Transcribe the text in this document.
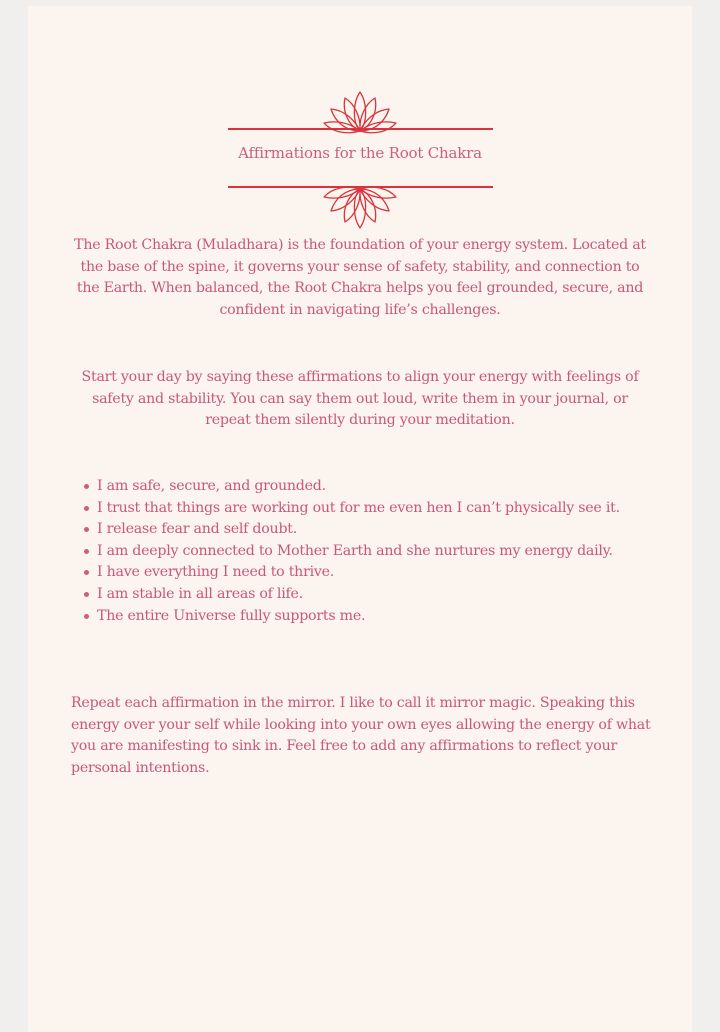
Affirmations for the Root Chakra

The Root Chakra (Muladhara) is the foundation of your energy system. Located at the base of the spine, it governs your sense of safety, stability, and connection to the Earth. When balanced, the Root Chakra helps you feel grounded, secure, and confident in navigating life’s challenges.

Start your day by saying these affirmations to align your energy with feelings of safety and stability. You can say them out loud, write them in your journal, or repeat them silently during your meditation.

I am safe, secure, and grounded.
I trust that things are working out for me even hen I can’t physically see it.
I release fear and self doubt.
I am deeply connected to Mother Earth and she nurtures my energy daily.
I have everything I need to thrive.
I am stable in all areas of life.
The entire Universe fully supports me.

Repeat each affirmation in the mirror. I like to call it mirror magic. Speaking this energy over your self while looking into your own eyes allowing the energy of what you are manifesting to sink in. Feel free to add any affirmations to reflect your personal intentions.
